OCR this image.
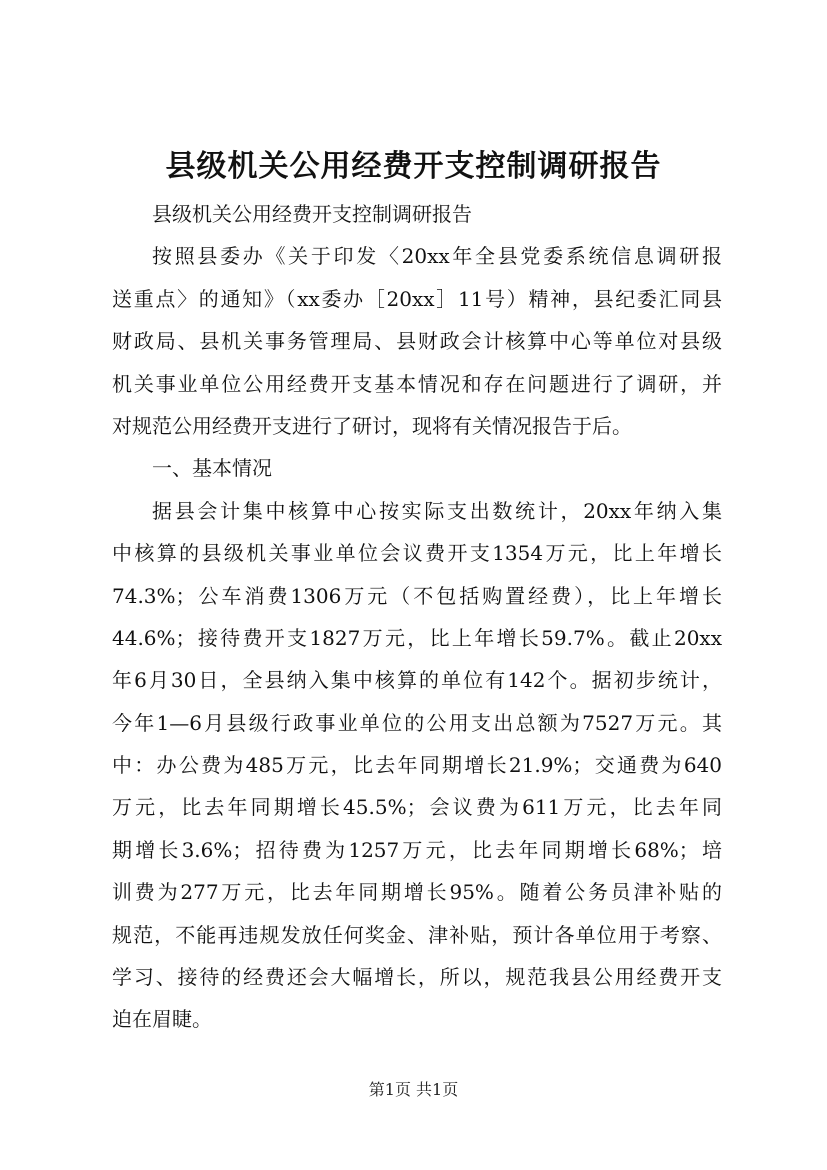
县级机关公用经费开支控制调研报告
县级机关公用经费开支控制调研报告
按照县委办《关于印发〈20xx年全县党委系统信息调研报
送重点〉的通知》（xx委办［20xx］11号）精神，县纪委汇同县
财政局、县机关事务管理局、县财政会计核算中心等单位对县级
机关事业单位公用经费开支基本情况和存在问题进行了调研，并
对规范公用经费开支进行了研讨，现将有关情况报告于后。
一、基本情况
据县会计集中核算中心按实际支出数统计，20xx年纳入集
中核算的县级机关事业单位会议费开支1354万元，比上年增长
74.3%；公车消费1306万元（不包括购置经费），比上年增长
44.6%；接待费开支1827万元，比上年增长59.7%。截止20xx
年6月30日，全县纳入集中核算的单位有142个。据初步统计，
今年1—6月县级行政事业单位的公用支出总额为7527万元。其
中：办公费为485万元，比去年同期增长21.9%；交通费为640
万元，比去年同期增长45.5%；会议费为611万元，比去年同
期增长3.6%；招待费为1257万元，比去年同期增长68%；培
训费为277万元，比去年同期增长95%。随着公务员津补贴的
规范，不能再违规发放任何奖金、津补贴，预计各单位用于考察、
学习、接待的经费还会大幅增长，所以，规范我县公用经费开支
迫在眉睫。
第1页 共1页
